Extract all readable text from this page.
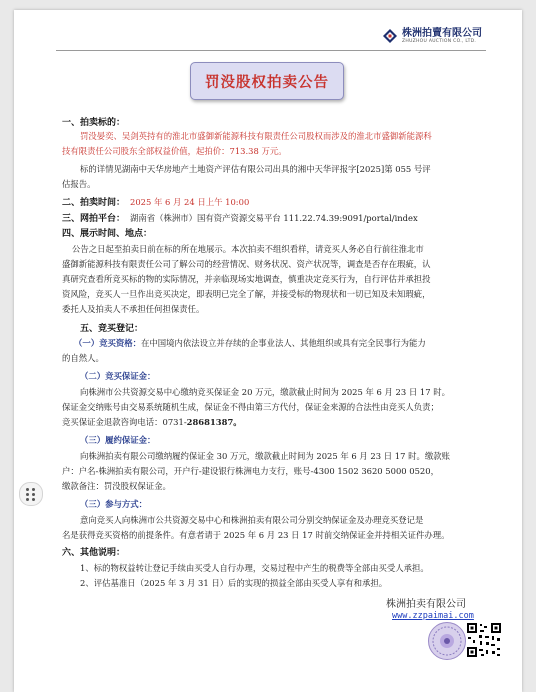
株洲拍賣有限公司
ZHUZHOU AUCTION CO., LTD.
罚没股权拍卖公告
一、拍卖标的：
罚没晏奕、吴剑英持有的淮北市盛御新能源科技有限责任公司股权而涉及的淮北市盛御新能源科
技有限责任公司股东全部权益价值，起拍价：713.38 万元。
标的详情见湖南中天华房地产土地资产评估有限公司出具的湘中天华评报字[2025]第 055 号评
估报告。
二、拍卖时间： 2025 年 6 月 24 日上午 10:00
三、网拍平台： 湖南省（株洲市）国有资产资源交易平台 111.22.74.39:9091/portal/index
四、展示时间、地点：
公告之日起至拍卖日前在标的所在地展示。本次拍卖不组织看样，请竞买人务必自行前往淮北市
盛御新能源科技有限责任公司了解公司的经营情况、财务状况、资产状况等，调查是否存在瑕疵，认
真研究查看所竞买标的物的实际情况，并亲临现场实地调查，慎重决定竞买行为，自行评估并承担投
资风险，竞买人一旦作出竞买决定，即表明已完全了解，并接受标的物现状和一切已知及未知瑕疵，
委托人及拍卖人不承担任何担保责任。
五、竞买登记：
（一）竞买资格：在中国境内依法设立并存续的企事业法人、其他组织或具有完全民事行为能力
的自然人。
（二）竞买保证金：
向株洲市公共资源交易中心缴纳竞买保证金 20 万元，缴款截止时间为 2025 年 6 月 23 日 17 时。
保证金交纳账号由交易系统随机生成，保证金不得由第三方代付，保证金来源的合法性由竞买人负责；
竞买保证金退款咨询电话：0731-28681387。
（三）履约保证金：
向株洲拍卖有限公司缴纳履约保证金 30 万元，缴款截止时间为 2025 年 6 月 23 日 17 时。缴款账
户：户名-株洲拍卖有限公司，开户行-建设银行株洲电力支行，账号-4300 1502 3620 5000 0520，
缴款备注：罚没股权保证金。
（三）参与方式：
意向竞买人向株洲市公共资源交易中心和株洲拍卖有限公司分别交纳保证金及办理竞买登记是
名是获得竞买资格的前提条件。有意者请于 2025 年 6 月 23 日 17 时前交纳保证金并持相关证件办理。
六、其他说明：
1、标的物权益转让登记手续由买受人自行办理，交易过程中产生的税费等全部由买受人承担。
2、评估基准日（2025 年 3 月 31 日）后的实现的损益全部由买受人享有和承担。
株洲拍卖有限公司
www.zzpaimai.com
